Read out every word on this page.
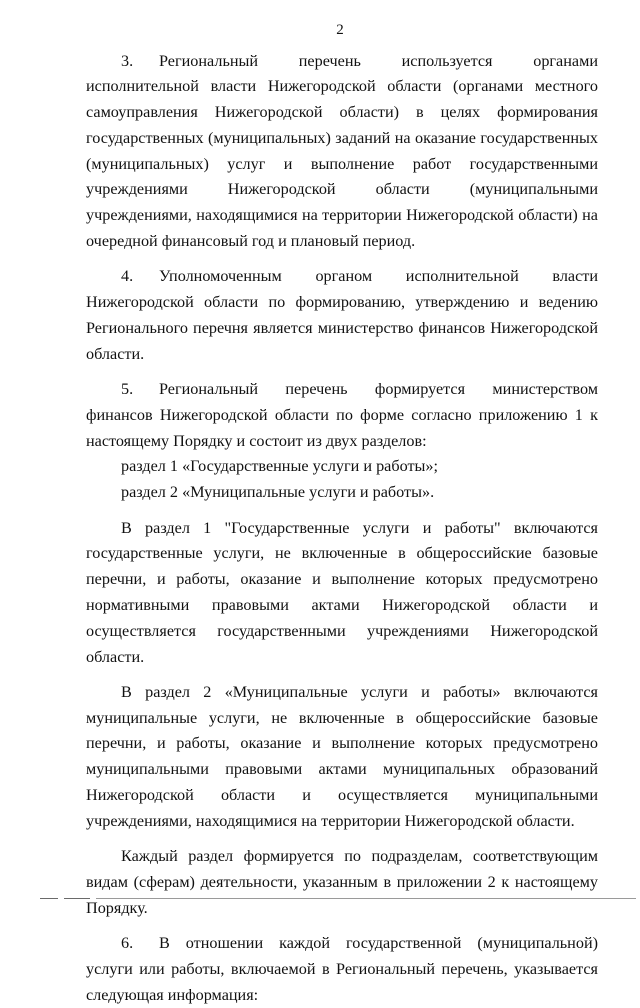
2

3. Региональный перечень используется органами исполнительной власти Нижегородской области (органами местного самоуправления Нижегородской области) в целях формирования государственных (муниципальных) заданий на оказание государственных (муниципальных) услуг и выполнение работ государственными учреждениями Нижегородской области (муниципальными учреждениями, находящимися на территории Нижегородской области) на очередной финансовый год и плановый период.

4. Уполномоченным органом исполнительной власти Нижегородской области по формированию, утверждению и ведению Регионального перечня является министерство финансов Нижегородской области.

5. Региональный перечень формируется министерством финансов Нижегородской области по форме согласно приложению 1 к настоящему Порядку и состоит из двух разделов:

раздел 1 «Государственные услуги и работы»;

раздел 2 «Муниципальные услуги и работы».

В раздел 1 "Государственные услуги и работы" включаются государственные услуги, не включенные в общероссийские базовые перечни, и работы, оказание и выполнение которых предусмотрено нормативными правовыми актами Нижегородской области и осуществляется государственными учреждениями Нижегородской области.

В раздел 2 «Муниципальные услуги и работы» включаются муниципальные услуги, не включенные в общероссийские базовые перечни, и работы, оказание и выполнение которых предусмотрено муниципальными правовыми актами муниципальных образований Нижегородской области и осуществляется муниципальными учреждениями, находящимися на территории Нижегородской области.

Каждый раздел формируется по подразделам, соответствующим видам (сферам) деятельности, указанным в приложении 2 к настоящему Порядку.

6. В отношении каждой государственной (муниципальной) услуги или работы, включаемой в Региональный перечень, указывается следующая информация:
